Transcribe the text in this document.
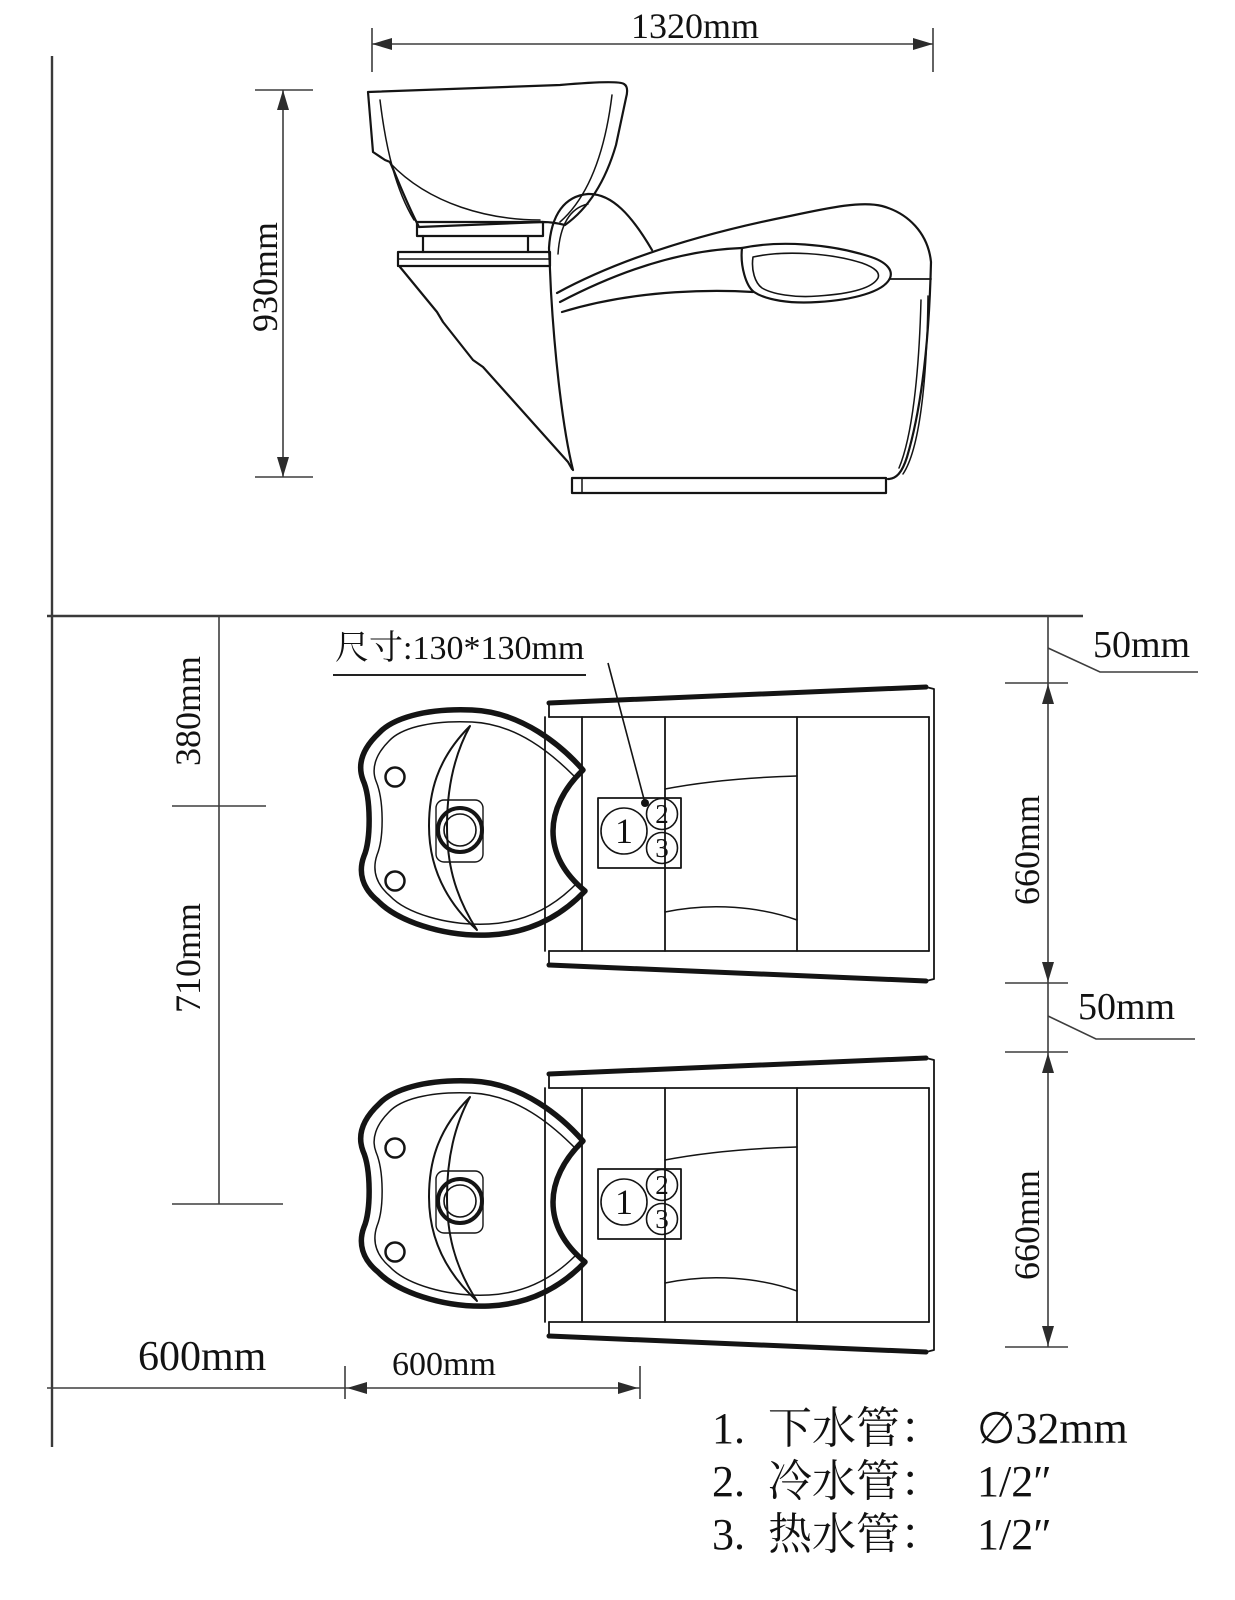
1320mm
930mm
尺寸:130*130mm
380mm
710mm
50mm
660mm
50mm
660mm
600mm	600mm
1 2
3
1 2
3
1. 下水管： ∅32mm
2. 冷水管： 1/2″
3. 热水管： 1/2″
